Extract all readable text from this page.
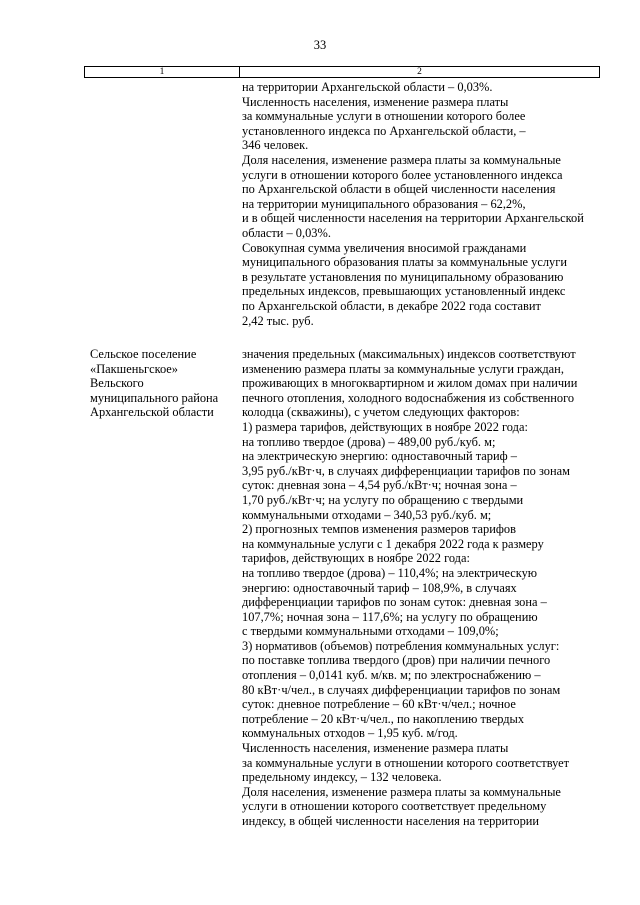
33
1	2
на территории Архангельской области – 0,03%.
Численность населения, изменение размера платы
за коммунальные услуги в отношении которого более
установленного индекса по Архангельской области, –
346 человек.
Доля населения, изменение размера платы за коммунальные
услуги в отношении которого более установленного индекса
по Архангельской области в общей численности населения
на территории муниципального образования – 62,2%,
и в общей численности населения на территории Архангельской
области – 0,03%.
Совокупная сумма увеличения вносимой гражданами
муниципального образования платы за коммунальные услуги
в результате установления по муниципальному образованию
предельных индексов, превышающих установленный индекс
по Архангельской области, в декабре 2022 года составит
2,42 тыс. руб.
Сельское поселение
«Пакшеньгское»
Вельского
муниципального района
Архангельской области
значения предельных (максимальных) индексов соответствуют
изменению размера платы за коммунальные услуги граждан,
проживающих в многоквартирном и жилом домах при наличии
печного отопления, холодного водоснабжения из собственного
колодца (скважины), с учетом следующих факторов:
1) размера тарифов, действующих в ноябре 2022 года:
на топливо твердое (дрова) – 489,00 руб./куб. м;
на электрическую энергию: одноставочный тариф –
3,95 руб./кВт·ч, в случаях дифференциации тарифов по зонам
суток: дневная зона – 4,54 руб./кВт·ч; ночная зона –
1,70 руб./кВт·ч; на услугу по обращению с твердыми
коммунальными отходами – 340,53 руб./куб. м;
2) прогнозных темпов изменения размеров тарифов
на коммунальные услуги с 1 декабря 2022 года к размеру
тарифов, действующих в ноябре 2022 года:
на топливо твердое (дрова) – 110,4%; на электрическую
энергию: одноставочный тариф – 108,9%, в случаях
дифференциации тарифов по зонам суток: дневная зона –
107,7%; ночная зона – 117,6%; на услугу по обращению
с твердыми коммунальными отходами – 109,0%;
3) нормативов (объемов) потребления коммунальных услуг:
по поставке топлива твердого (дров) при наличии печного
отопления – 0,0141 куб. м/кв. м; по электроснабжению –
80 кВт·ч/чел., в случаях дифференциации тарифов по зонам
суток: дневное потребление – 60 кВт·ч/чел.; ночное
потребление – 20 кВт·ч/чел., по накоплению твердых
коммунальных отходов – 1,95 куб. м/год.
Численность населения, изменение размера платы
за коммунальные услуги в отношении которого соответствует
предельному индексу, – 132 человека.
Доля населения, изменение размера платы за коммунальные
услуги в отношении которого соответствует предельному
индексу, в общей численности населения на территории
